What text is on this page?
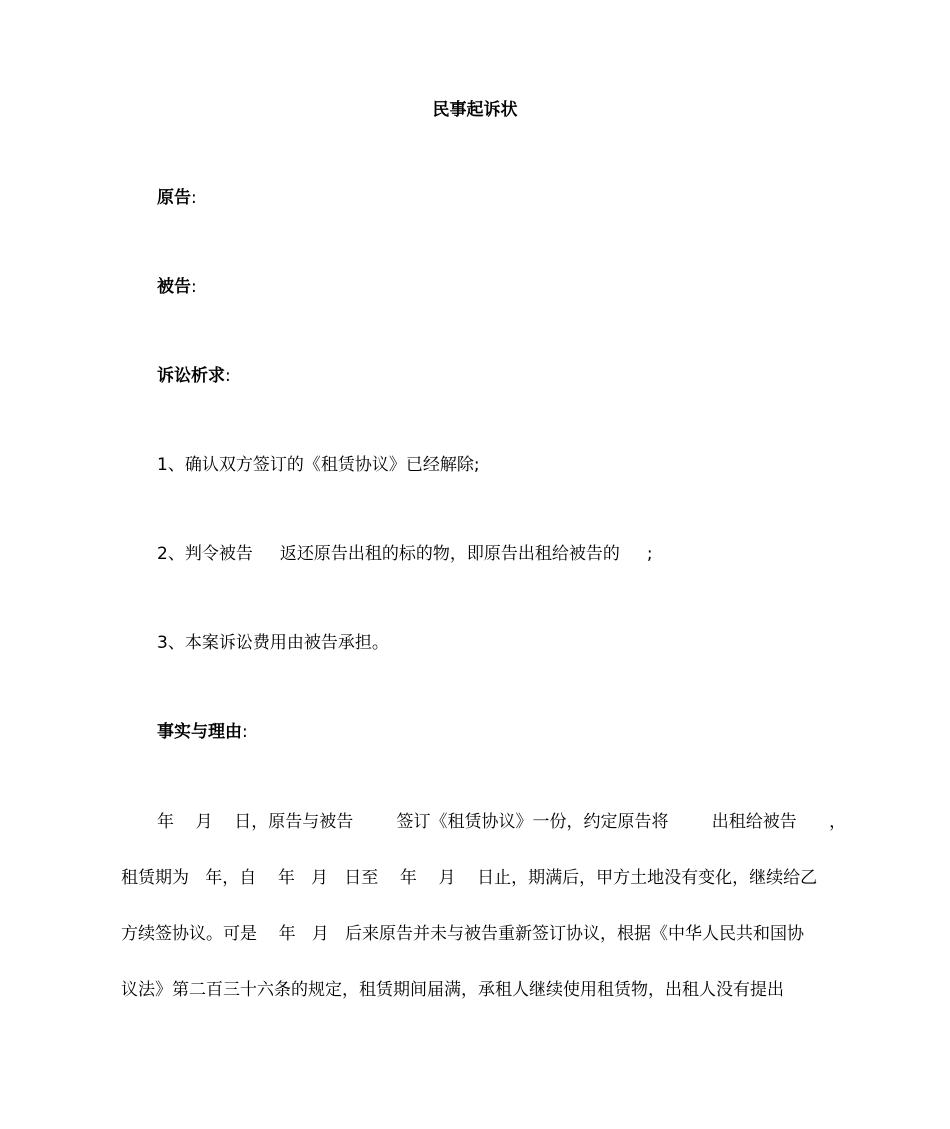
民事起诉状
原告:
被告:
诉讼析求:
1、确认双方签订的《租赁协议》已经解除;
2、判令被告     返还原告出租的标的物，即原告出租给被告的     ;
3、本案诉讼费用由被告承担。
事实与理由:
年    月    日，原告与被告        签订《租赁协议》一份，约定原告将        出租给被告      ，
租赁期为   年，自    年   月   日至    年    月    日止，期满后，甲方土地没有变化，继续给乙
方续签协议。可是    年   月   后来原告并未与被告重新签订协议，根据《中华人民共和国协
议法》第二百三十六条的规定，租赁期间届满，承租人继续使用租赁物，出租人没有提出
